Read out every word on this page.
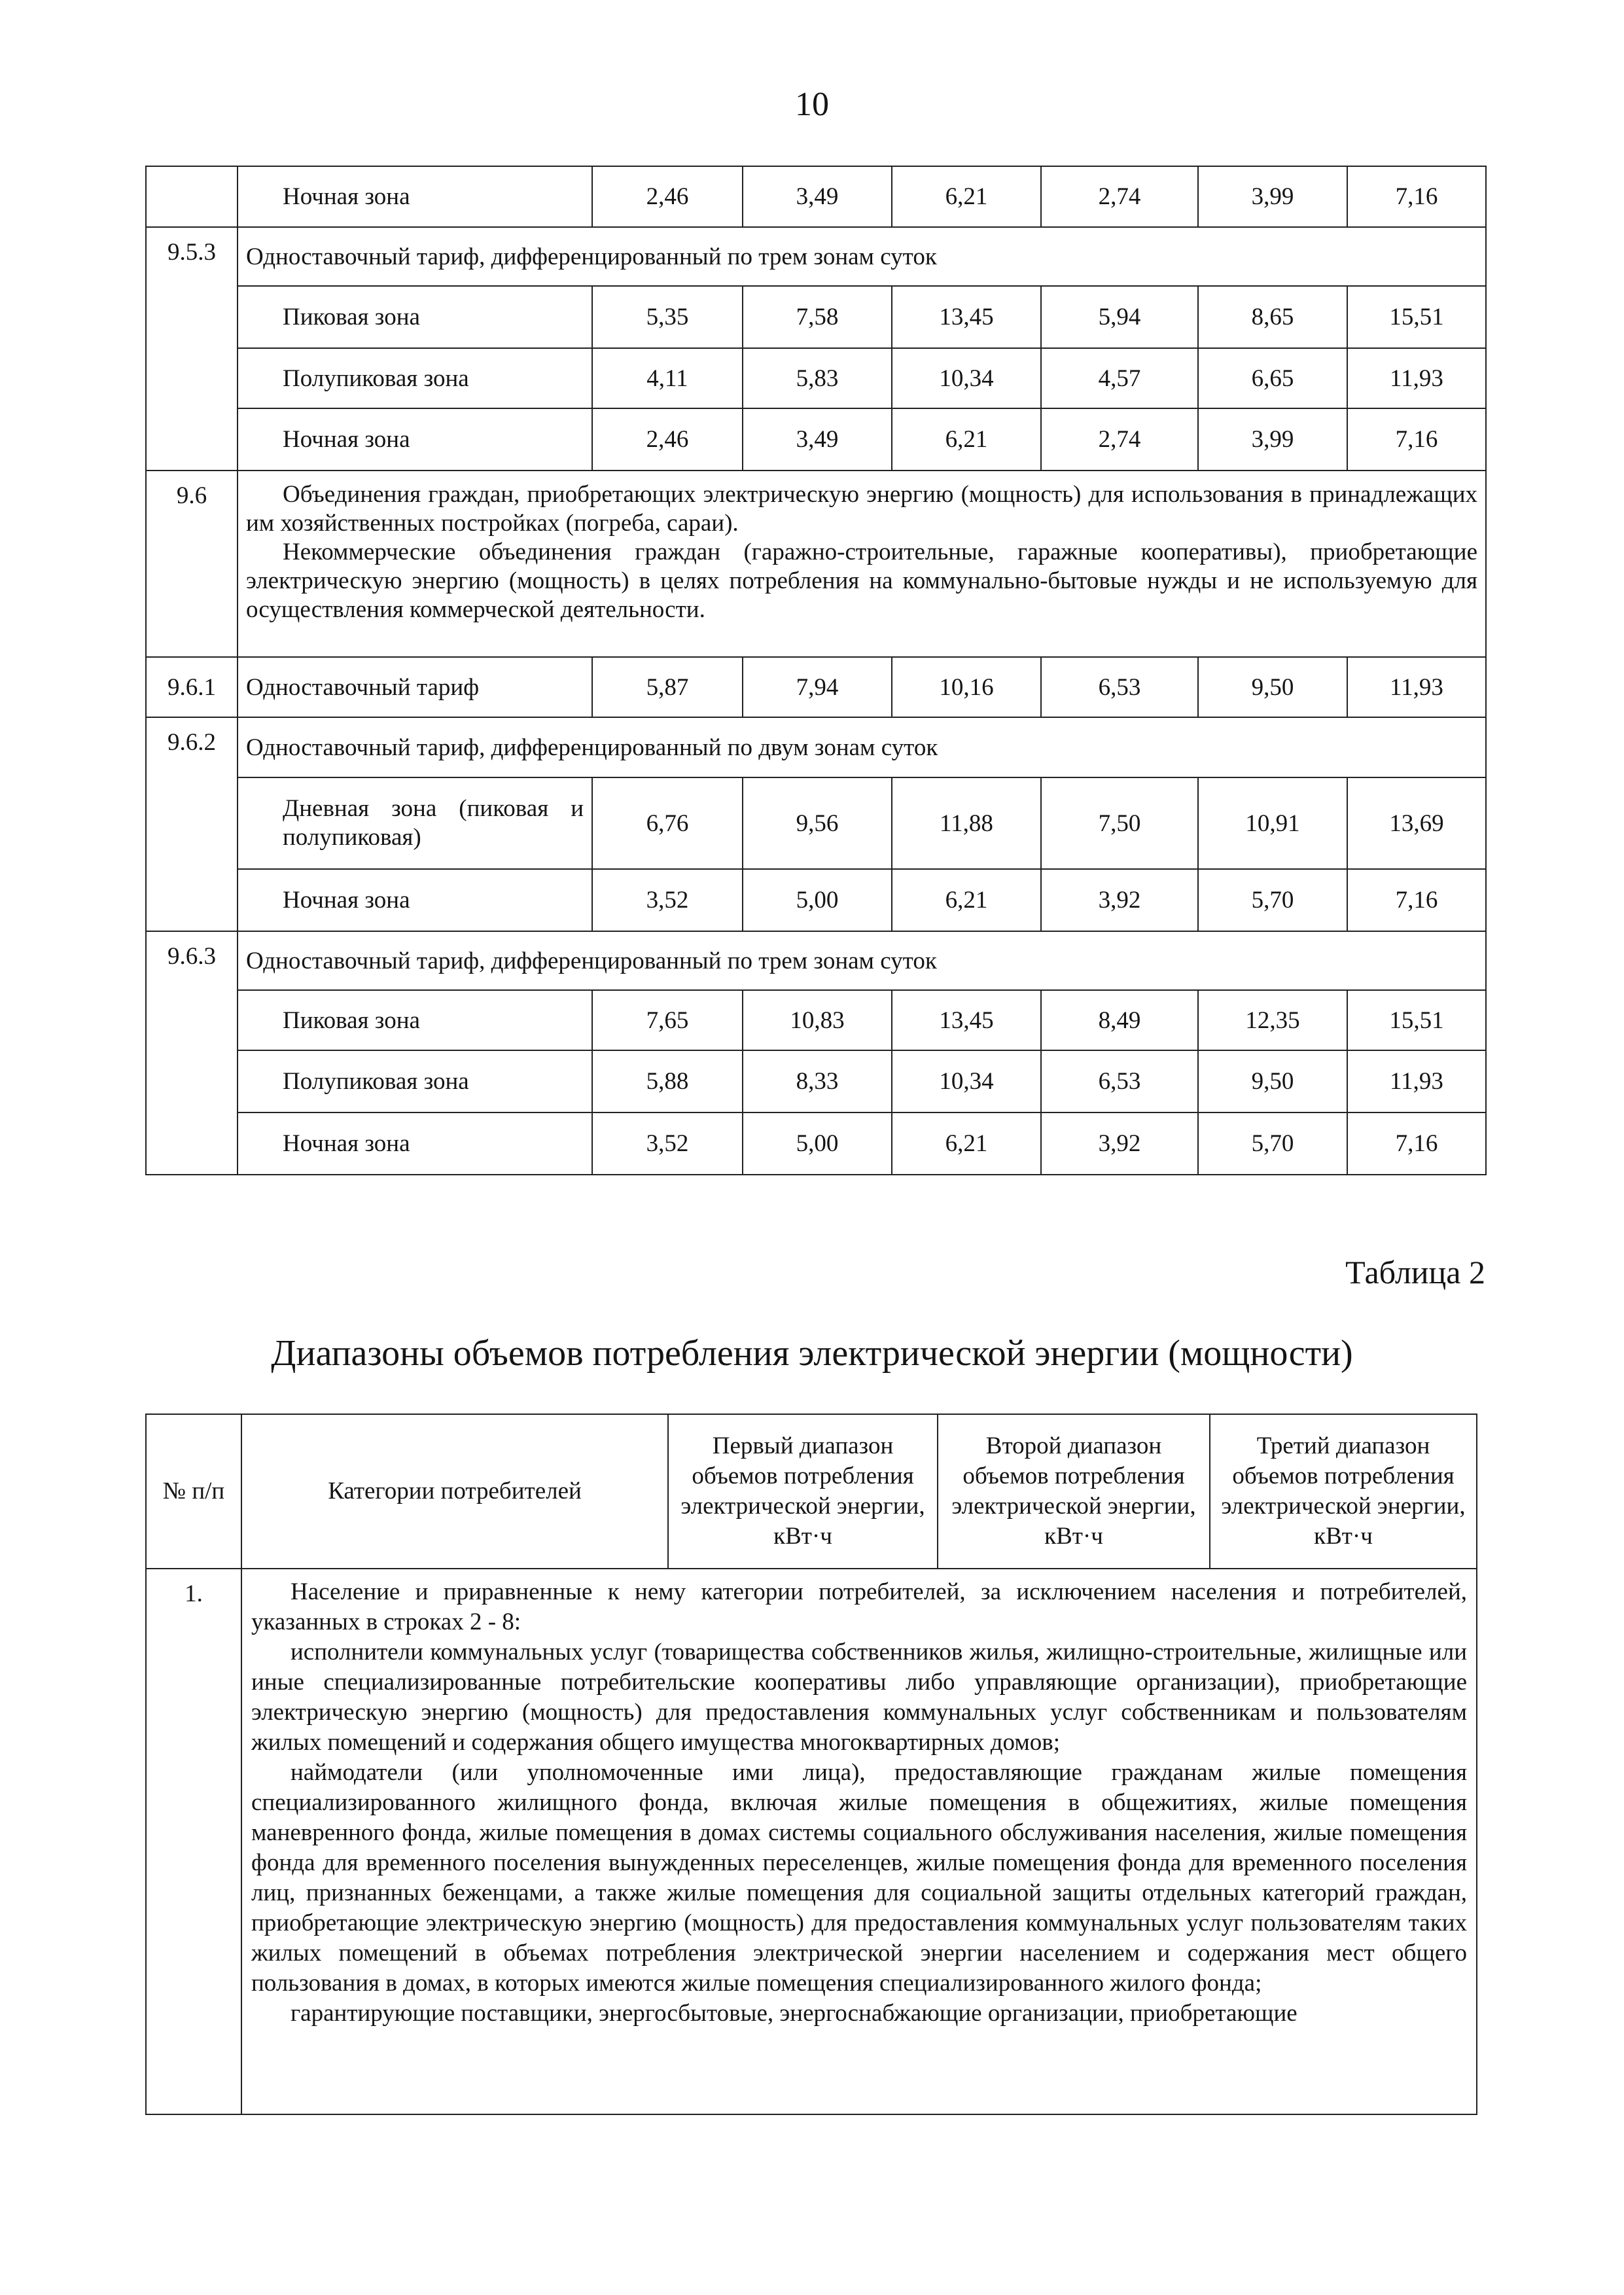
10
	Ночная зона	2,46	3,49	6,21	2,74	3,99	7,16
9.5.3	Одноставочный тариф, дифференцированный по трем зонам суток						
	Пиковая зона	5,35	7,58	13,45	5,94	8,65	15,51
	Полупиковая зона	4,11	5,83	10,34	4,57	6,65	11,93
	Ночная зона	2,46	3,49	6,21	2,74	3,99	7,16
9.6	Объединения граждан, приобретающих электрическую энергию (мощность) для использования в принадлежащих им хозяйственных постройках (погреба, сараи).

Некоммерческие объединения граждан (гаражно-строительные, гаражные кооперативы), приобретающие электрическую энергию (мощность) в целях потребления на коммунально-бытовые нужды и не используемую для осуществления коммерческой деятельности.						

9.6.1	Одноставочный тариф	5,87	7,94	10,16	6,53	9,50	11,93
9.6.2	Одноставочный тариф, дифференцированный по двум зонам суток						
	Дневная зона (пиковая и полупиковая)	6,76	9,56	11,88	7,50	10,91	13,69
	Ночная зона	3,52	5,00	6,21	3,92	5,70	7,16
9.6.3	Одноставочный тариф, дифференцированный по трем зонам суток						
	Пиковая зона	7,65	10,83	13,45	8,49	12,35	15,51
	Полупиковая зона	5,88	8,33	10,34	6,53	9,50	11,93
	Ночная зона	3,52	5,00	6,21	3,92	5,70	7,16
Таблица 2
Диапазоны объемов потребления электрической энергии (мощности)
№ п/п	Категории потребителей	Первый диапазон объемов потребления электрической энергии, кВт·ч	Второй диапазон объемов потребления электрической энергии, кВт·ч	Третий диапазон объемов потребления электрической энергии, кВт·ч
1.	Население и приравненные к нему категории потребителей, за исключением населения и потребителей, указанных в строках 2 - 8:

исполнители коммунальных услуг (товарищества собственников жилья, жилищно-строительные, жилищные или иные специализированные потребительские кооперативы либо управляющие организации), приобретающие электрическую энергию (мощность) для предоставления коммунальных услуг собственникам и пользователям жилых помещений и содержания общего имущества многоквартирных домов;

наймодатели (или уполномоченные ими лица), предоставляющие гражданам жилые помещения специализированного жилищного фонда, включая жилые помещения в общежитиях, жилые помещения маневренного фонда, жилые помещения в домах системы социального обслуживания населения, жилые помещения фонда для временного поселения вынужденных переселенцев, жилые помещения фонда для временного поселения лиц, признанных беженцами, а также жилые помещения для социальной защиты отдельных категорий граждан, приобретающие электрическую энергию (мощность) для предоставления коммунальных услуг пользователям таких жилых помещений в объемах потребления электрической энергии населением и содержания мест общего пользования в домах, в которых имеются жилые помещения специализированного жилого фонда;

гарантирующие поставщики, энергосбытовые, энергоснабжающие организации, приобретающие			
